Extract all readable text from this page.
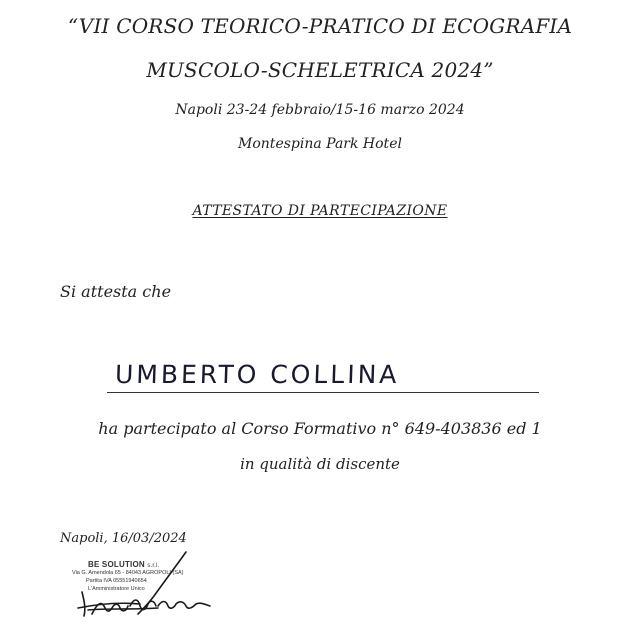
“VII CORSO TEORICO-PRATICO DI ECOGRAFIA
MUSCOLO-SCHELETRICA 2024”
Napoli 23-24 febbraio/15-16 marzo 2024
Montespina Park Hotel
ATTESTATO DI PARTECIPAZIONE
Si attesta che
UMBERTO COLLINA
ha partecipato al Corso Formativo n° 649-403836 ed 1
in qualità di discente
Napoli, 16/03/2024
BE SOLUTION s.r.l.
Via G. Amendola 65 - 84043 AGROPOLI (SA)
Partita IVA 05551940654
L'Amministratore Unico
